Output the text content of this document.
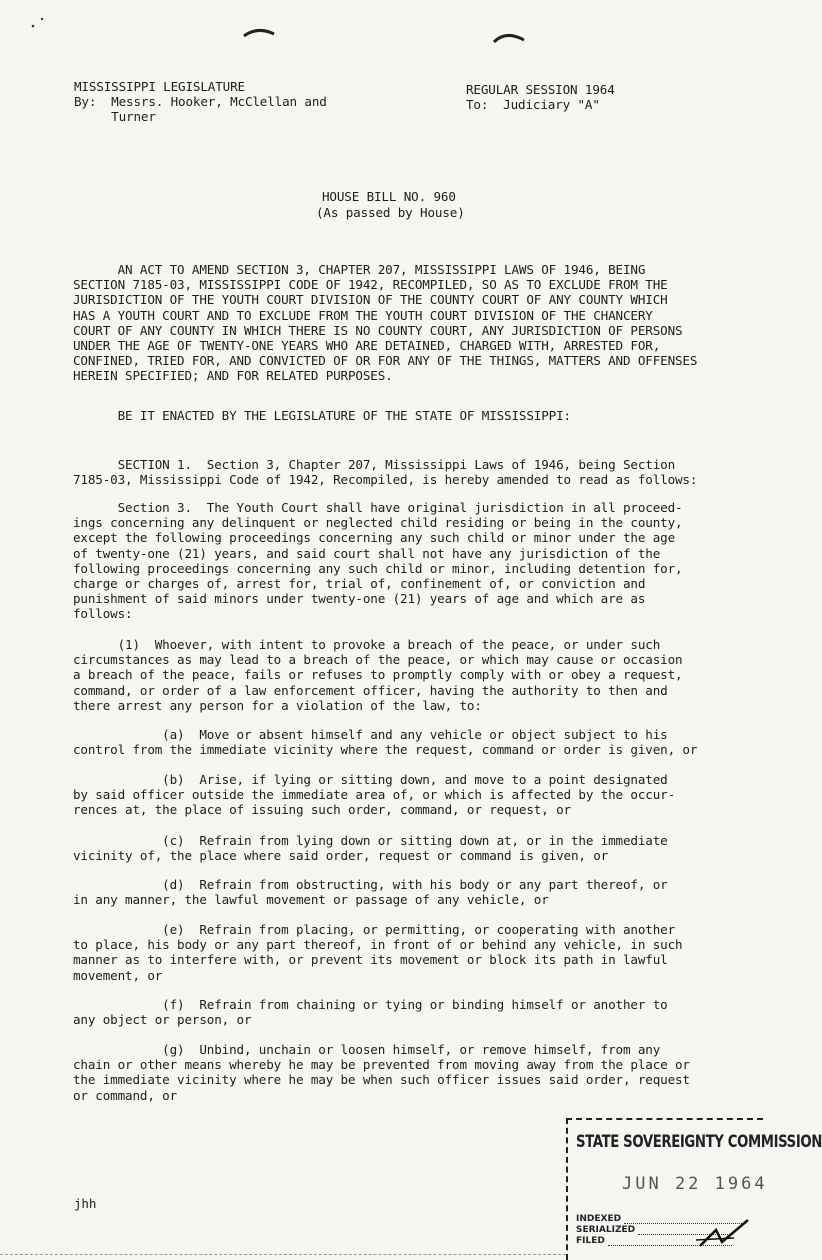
MISSISSIPPI LEGISLATURE
By:  Messrs. Hooker, McClellan and
Turner
REGULAR SESSION 1964
To:  Judiciary "A"
HOUSE BILL NO. 960
(As passed by House)
AN ACT TO AMEND SECTION 3, CHAPTER 207, MISSISSIPPI LAWS OF 1946, BEING
SECTION 7185-03, MISSISSIPPI CODE OF 1942, RECOMPILED, SO AS TO EXCLUDE FROM THE
JURISDICTION OF THE YOUTH COURT DIVISION OF THE COUNTY COURT OF ANY COUNTY WHICH
HAS A YOUTH COURT AND TO EXCLUDE FROM THE YOUTH COURT DIVISION OF THE CHANCERY
COURT OF ANY COUNTY IN WHICH THERE IS NO COUNTY COURT, ANY JURISDICTION OF PERSONS
UNDER THE AGE OF TWENTY-ONE YEARS WHO ARE DETAINED, CHARGED WITH, ARRESTED FOR,
CONFINED, TRIED FOR, AND CONVICTED OF OR FOR ANY OF THE THINGS, MATTERS AND OFFENSES
HEREIN SPECIFIED; AND FOR RELATED PURPOSES.
BE IT ENACTED BY THE LEGISLATURE OF THE STATE OF MISSISSIPPI:
SECTION 1.  Section 3, Chapter 207, Mississippi Laws of 1946, being Section
7185-03, Mississippi Code of 1942, Recompiled, is hereby amended to read as follows:
Section 3.  The Youth Court shall have original jurisdiction in all proceed-
ings concerning any delinquent or neglected child residing or being in the county,
except the following proceedings concerning any such child or minor under the age
of twenty-one (21) years, and said court shall not have any jurisdiction of the
following proceedings concerning any such child or minor, including detention for,
charge or charges of, arrest for, trial of, confinement of, or conviction and
punishment of said minors under twenty-one (21) years of age and which are as
follows:
(1)  Whoever, with intent to provoke a breach of the peace, or under such
circumstances as may lead to a breach of the peace, or which may cause or occasion
a breach of the peace, fails or refuses to promptly comply with or obey a request,
command, or order of a law enforcement officer, having the authority to then and
there arrest any person for a violation of the law, to:
(a)  Move or absent himself and any vehicle or object subject to his
control from the immediate vicinity where the request, command or order is given, or
(b)  Arise, if lying or sitting down, and move to a point designated
by said officer outside the immediate area of, or which is affected by the occur-
rences at, the place of issuing such order, command, or request, or
(c)  Refrain from lying down or sitting down at, or in the immediate
vicinity of, the place where said order, request or command is given, or
(d)  Refrain from obstructing, with his body or any part thereof, or
in any manner, the lawful movement or passage of any vehicle, or
(e)  Refrain from placing, or permitting, or cooperating with another
to place, his body or any part thereof, in front of or behind any vehicle, in such
manner as to interfere with, or prevent its movement or block its path in lawful
movement, or
(f)  Refrain from chaining or tying or binding himself or another to
any object or person, or
(g)  Unbind, unchain or loosen himself, or remove himself, from any
chain or other means whereby he may be prevented from moving away from the place or
the immediate vicinity where he may be when such officer issues said order, request
or command, or
jhh
STATE SOVEREIGNTY COMMISSION
JUN 22 1964
INDEXED
SERIALIZED
FILED
